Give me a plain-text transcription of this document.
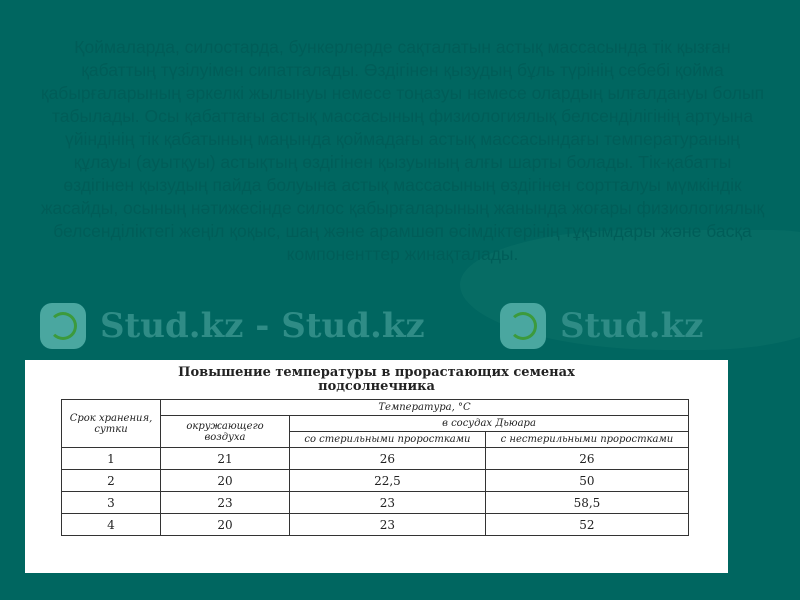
Қоймаларда, силостарда, бункерлерде сақталатын астық массасында тік қызған қабаттың түзілуімен сипатталады. Өздігінен қызудың бұль түрінің себебі қойма қабырғаларының әркелкі жылынуы немесе тоңазуы немесе олардың ылғалдануы болып табылады. Осы қабаттағы астық массасының физиологиялық белсенділігінің артуына үйіндінің тік қабатының маңында қоймадағы астық массасындағы температураның құлауы (ауытқуы) астықтың өздігінен қызуының алғы шарты болады. Тік-қабатты өздігінен қызудың пайда болуына астық массасының өздігінен сортталуы мүмкіндік жасайды, осының нәтижесінде силос қабырғаларының жанында жоғары физиологиялық белсенділіктегі жеңіл қоқыс, шаң және арамшөп өсімдіктерінің тұқымдары және басқа компоненттер жинақталады.

Stud.kz - Stud.kz	Stud.kz
Повышение температуры в прорастающих семенах
подсолнечника
Срок хранения, сутки	Температура, °C		
	окружающего воздуха	в сосудах Дьюара	
		со стерильными проростками	с нестерильными проростками
1	21	26	26
2	20	22,5	50
3	23	23	58,5
4	20	23	52
